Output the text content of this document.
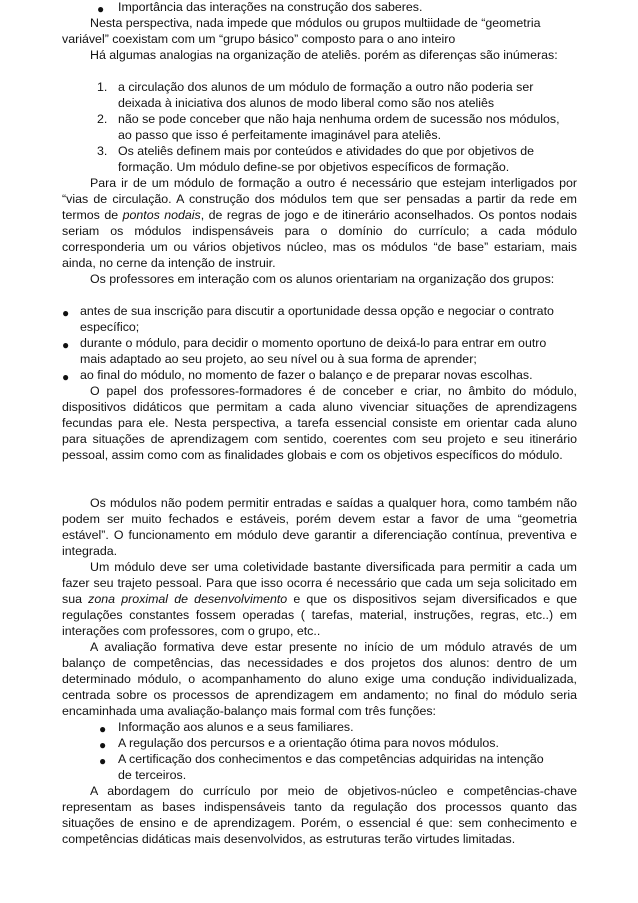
● Importância das interações na construção dos saberes.

Nesta perspectiva, nada impede que módulos ou grupos multiidade de “geometria variável” coexistam com um “grupo básico” composto para o ano inteiro

Há algumas analogias na organização de ateliês. porém as diferenças são inúmeras:

1. a circulação dos alunos de um módulo de formação a outro não poderia ser

deixada à iniciativa dos alunos de modo liberal como são nos ateliês

2. não se pode conceber que não haja nenhuma ordem de sucessão nos módulos,

ao passo que isso é perfeitamente imaginável para ateliês.

3. Os ateliês definem mais por conteúdos e atividades do que por objetivos de

formação. Um módulo define-se por objetivos específicos de formação.

Para ir de um módulo de formação a outro é necessário que estejam interligados por “vias de circulação. A construção dos módulos tem que ser pensadas a partir da rede em termos de pontos nodais, de regras de jogo e de itinerário aconselhados. Os pontos nodais seriam os módulos indispensáveis para o domínio do currículo; a cada módulo corresponderia um ou vários objetivos núcleo, mas os módulos “de base” estariam, mais ainda, no cerne da intenção de instruir.

Os professores em interação com os alunos orientariam na organização dos grupos:

● antes de sua inscrição para discutir a oportunidade dessa opção e negociar o contrato

específico;

● durante o módulo, para decidir o momento oportuno de deixá-lo para entrar em outro

mais adaptado ao seu projeto, ao seu nível ou à sua forma de aprender;

● ao final do módulo, no momento de fazer o balanço e de preparar novas escolhas.

O papel dos professores-formadores é de conceber e criar, no âmbito do módulo, dispositivos didáticos que permitam a cada aluno vivenciar situações de aprendizagens fecundas para ele. Nesta perspectiva, a tarefa essencial consiste em orientar cada aluno para situações de aprendizagem com sentido, coerentes com seu projeto e seu itinerário pessoal, assim como com as finalidades globais e com os objetivos específicos do módulo.

Os módulos não podem permitir entradas e saídas a qualquer hora, como também não podem ser muito fechados e estáveis, porém devem estar a favor de uma “geometria estável”. O funcionamento em módulo deve garantir a diferenciação contínua, preventiva e integrada.

Um módulo deve ser uma coletividade bastante diversificada para permitir a cada um fazer seu trajeto pessoal. Para que isso ocorra é necessário que cada um seja solicitado em sua zona proximal de desenvolvimento e que os dispositivos sejam diversificados e que regulações constantes fossem operadas ( tarefas, material, instruções, regras, etc..) em interações com professores, com o grupo, etc..

A avaliação formativa deve estar presente no início de um módulo através de um balanço de competências, das necessidades e dos projetos dos alunos: dentro de um determinado módulo, o acompanhamento do aluno exige uma condução individualizada, centrada sobre os processos de aprendizagem em andamento; no final do módulo seria encaminhada uma avaliação-balanço mais formal com três funções:

● Informação aos alunos e a seus familiares.

● A regulação dos percursos e a orientação ótima para novos módulos.

● A certificação dos conhecimentos e das competências adquiridas na intenção

de terceiros.

A abordagem do currículo por meio de objetivos-núcleo e competências-chave representam as bases indispensáveis tanto da regulação dos processos quanto das situações de ensino e de aprendizagem. Porém, o essencial é que: sem conhecimento e competências didáticas mais desenvolvidos, as estruturas terão virtudes limitadas.
